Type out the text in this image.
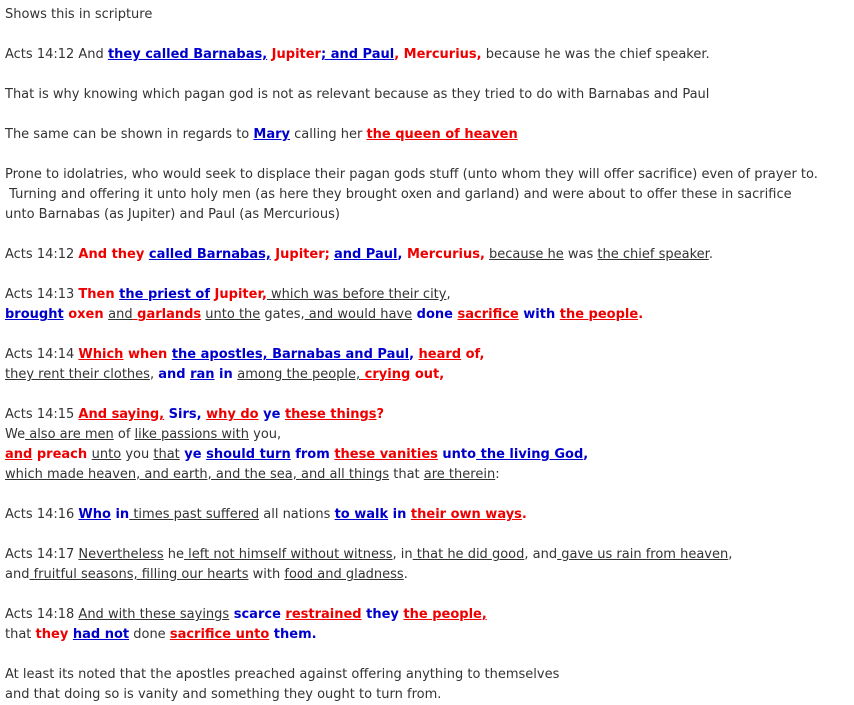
Shows this in scripture
Acts 14:12 And they called Barnabas, Jupiter; and Paul, Mercurius, because he was the chief speaker.
That is why knowing which pagan god is not as relevant because as they tried to do with Barnabas and Paul
The same can be shown in regards to Mary calling her the queen of heaven
Prone to idolatries, who would seek to displace their pagan gods stuff (unto whom they will offer sacrifice) even of prayer to.
Turning and offering it unto holy men (as here they brought oxen and garland) and were about to offer these in sacrifice
unto Barnabas (as Jupiter) and Paul (as Mercurious)
Acts 14:12 And they called Barnabas, Jupiter; and Paul, Mercurius, because he was the chief speaker.
Acts 14:13 Then the priest of Jupiter, which was before their city,
brought oxen and garlands unto the gates, and would have done sacrifice with the people.
Acts 14:14 Which when the apostles, Barnabas and Paul, heard of,
they rent their clothes, and ran in among the people, crying out,
Acts 14:15 And saying, Sirs, why do ye these things?
We also are men of like passions with you,
and preach unto you that ye should turn from these vanities unto the living God,
which made heaven, and earth, and the sea, and all things that are therein:
Acts 14:16 Who in times past suffered all nations to walk in their own ways.
Acts 14:17 Nevertheless he left not himself without witness, in that he did good, and gave us rain from heaven,
and fruitful seasons, filling our hearts with food and gladness.
Acts 14:18 And with these sayings scarce restrained they the people,
that they had not done sacrifice unto them.
At least its noted that the apostles preached against offering anything to themselves
and that doing so is vanity and something they ought to turn from.
